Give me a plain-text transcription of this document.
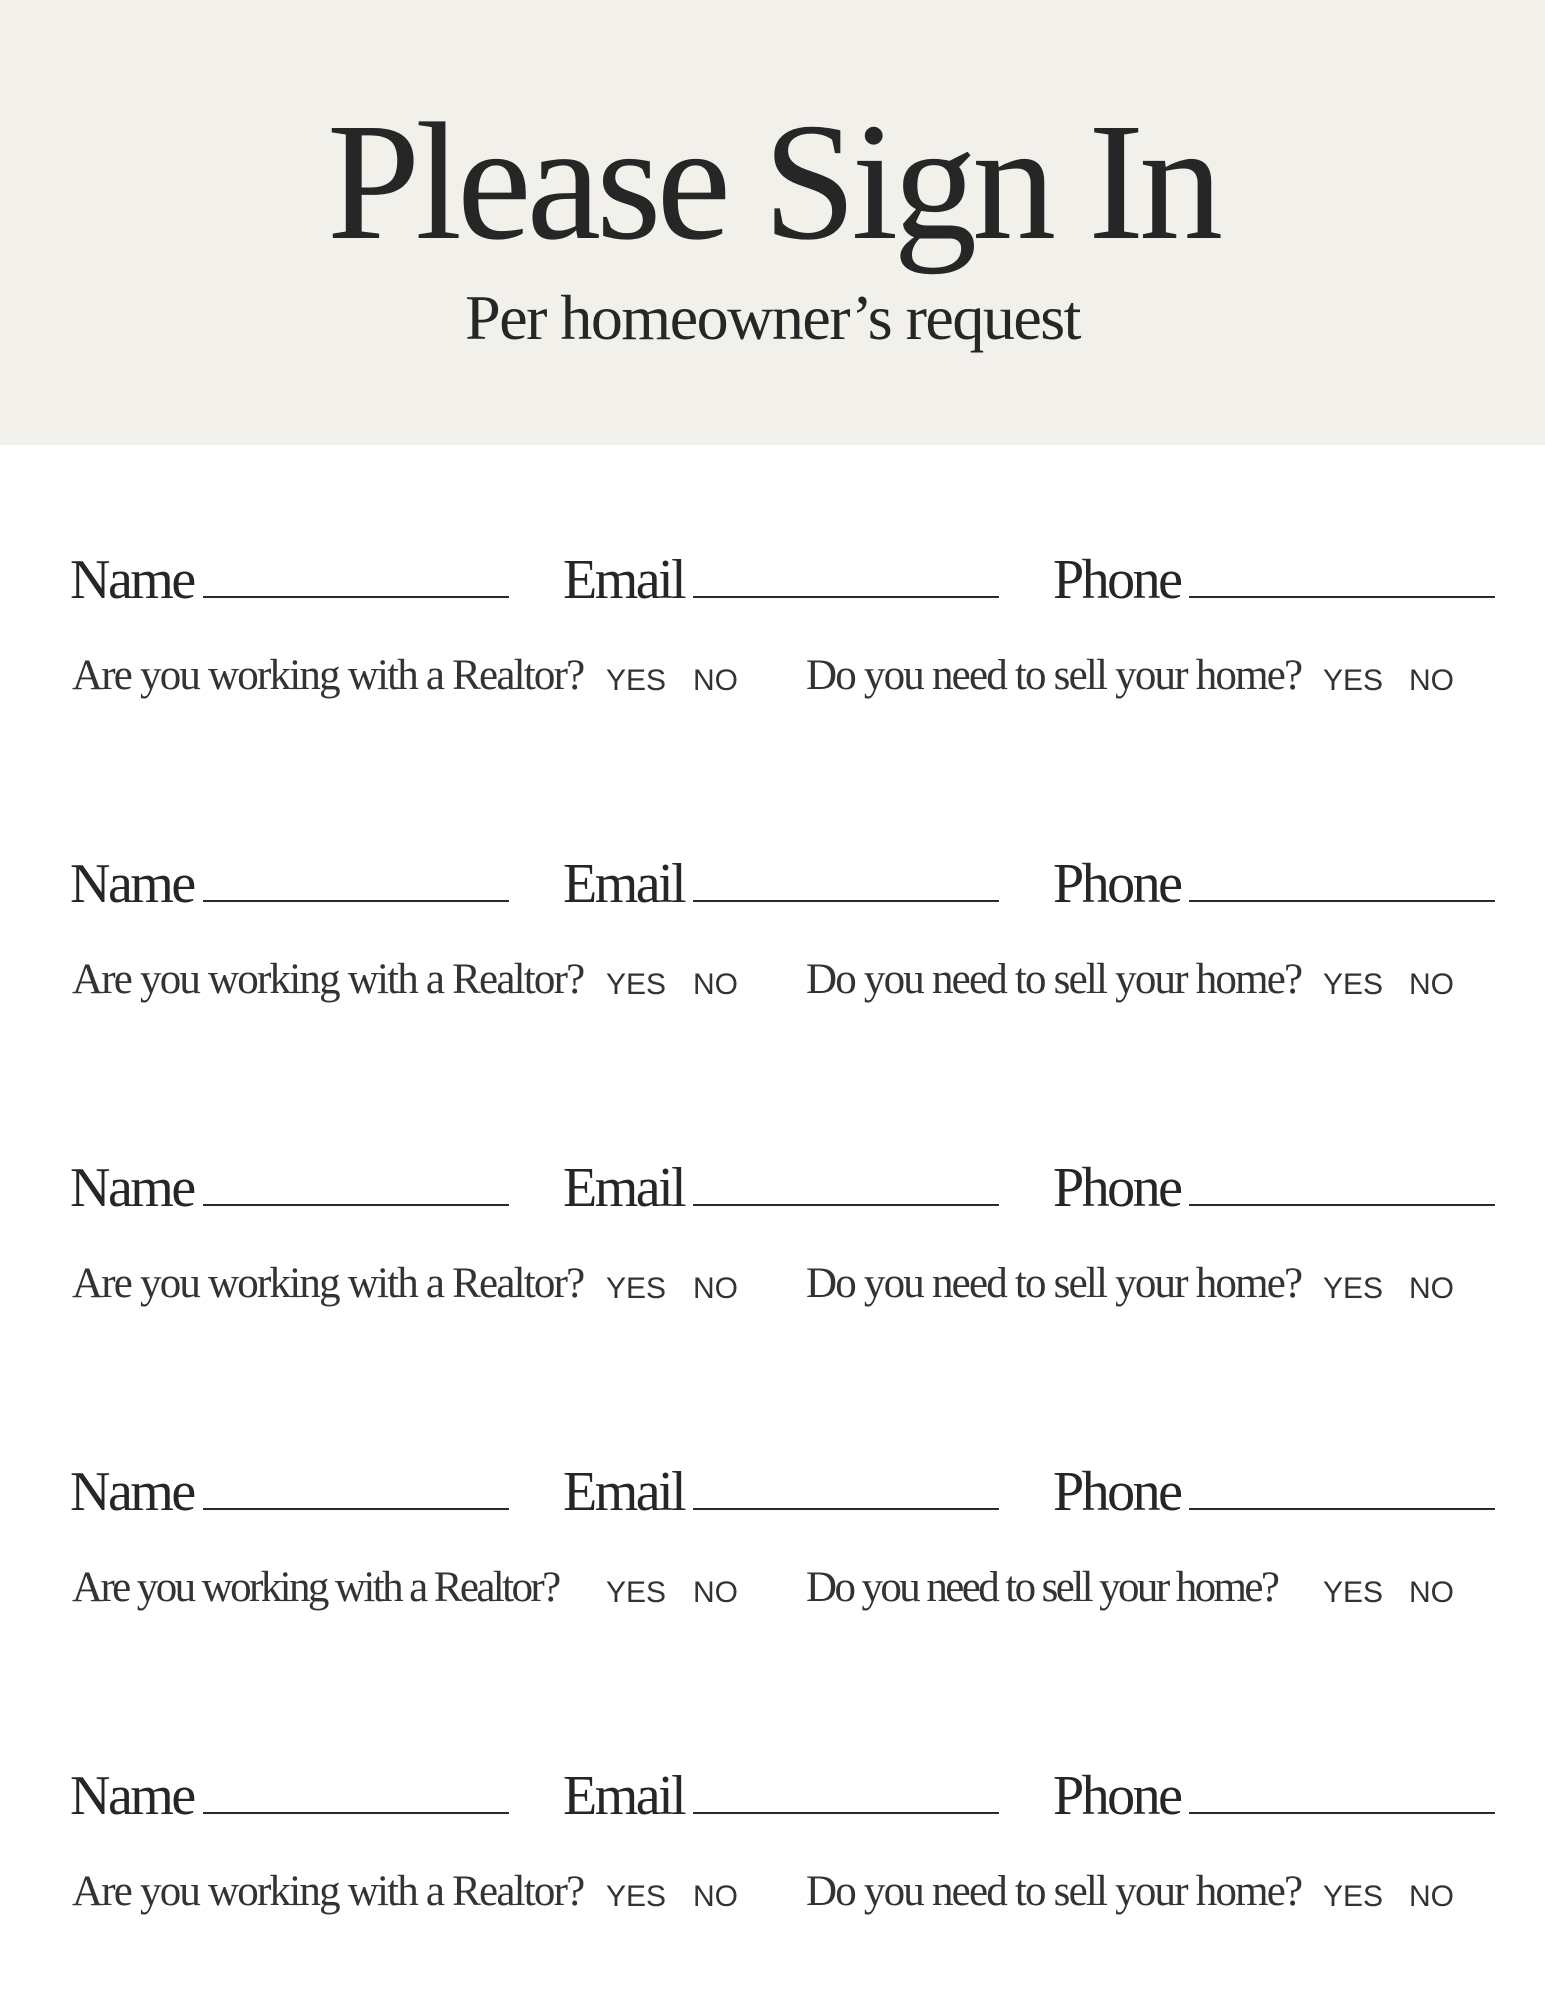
Please Sign In
Per homeowner’s request
Name	Email	Phone
Are you working with a Realtor? YES NO Do you need to sell your home? YES NO
Name	Email	Phone
Are you working with a Realtor? YES NO Do you need to sell your home? YES NO
Name	Email	Phone
Are you working with a Realtor? YES NO Do you need to sell your home? YES NO
Name	Email	Phone
Are you working with a Realtor? YES NO Do you need to sell your home? YES NO
Name	Email	Phone
Are you working with a Realtor? YES NO Do you need to sell your home? YES NO
